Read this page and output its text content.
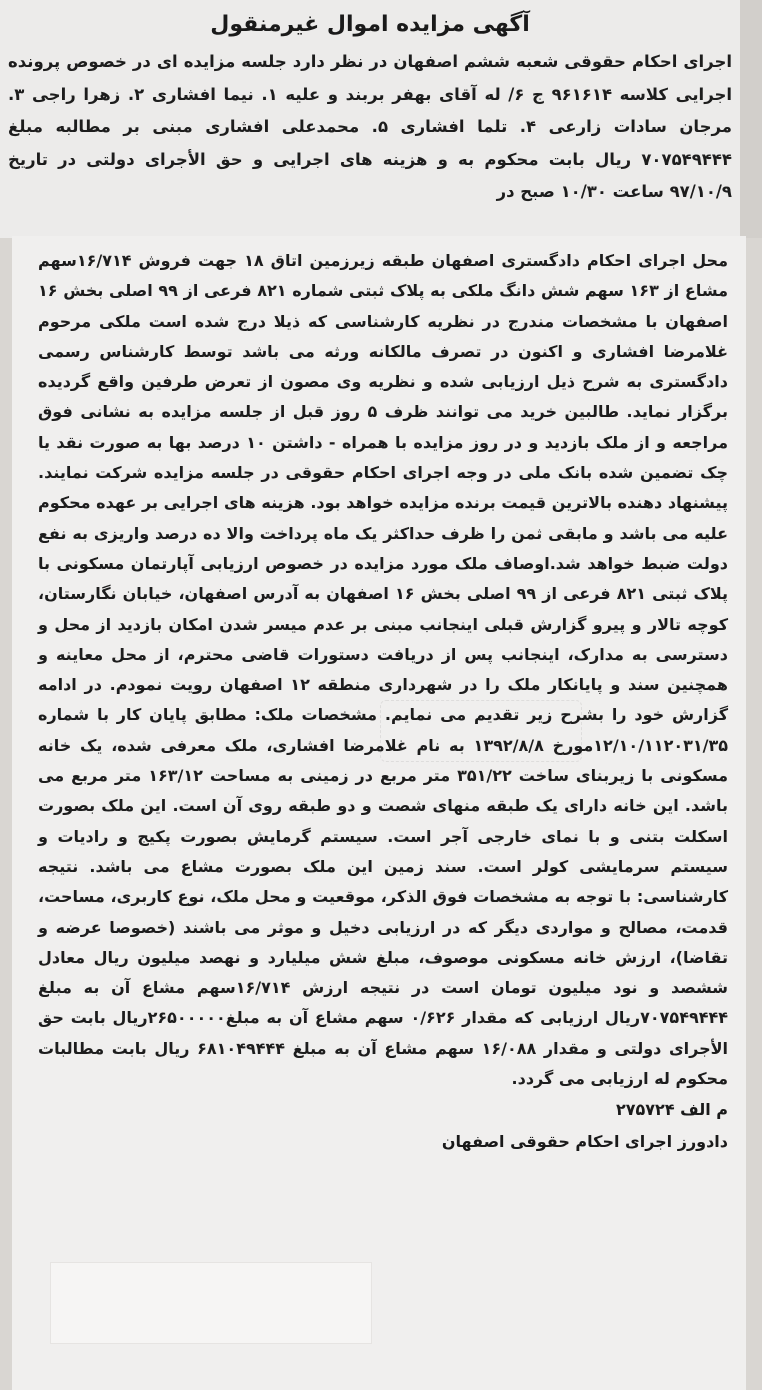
آگهی مزایده اموال غیرمنقول

اجرای احکام حقوقی شعبه ششم اصفهان در نظر دارد جلسه مزایده ای در خصوص پرونده اجرایی کلاسه ۹۶۱۶۱۴ ج ۶/ له آقای بهفر بربند و علیه ۱. نیما افشاری ۲. زهرا راجی ۳. مرجان سادات زارعی ۴. تلما افشاری ۵. محمدعلی افشاری مبنی بر مطالبه مبلغ ۷۰۷۵۴۹۴۴۴ ریال بابت محکوم به و هزینه های اجرایی و حق الأجرای دولتی در تاریخ ۹۷/۱۰/۹ ساعت ۱۰/۳۰ صبح در

محل اجرای احکام دادگستری اصفهان طبقه زیرزمین اتاق ۱۸ جهت فروش ۱۶/۷۱۴سهم مشاع از ۱۶۳ سهم شش دانگ ملکی به پلاک ثبتی شماره ۸۲۱ فرعی از ۹۹ اصلی بخش ۱۶ اصفهان با مشخصات مندرج در نظریه کارشناسی که ذیلا درج شده است ملکی مرحوم غلامرضا افشاری و اکنون در تصرف مالکانه ورثه می باشد توسط کارشناس رسمی دادگستری به شرح ذیل ارزیابی شده و نظریه وی مصون از تعرض طرفین واقع گردیده برگزار نماید. طالبین خرید می توانند ظرف ۵ روز قبل از جلسه مزایده به نشانی فوق مراجعه و از ملک بازدید و در روز مزایده با همراه - داشتن ۱۰ درصد بها به صورت نقد یا چک تضمین شده بانک ملی در وجه اجرای احکام حقوقی در جلسه مزایده شرکت نمایند. پیشنهاد دهنده بالاترین قیمت برنده مزایده خواهد بود. هزینه های اجرایی بر عهده محکوم علیه می باشد و مابقی ثمن را ظرف حداکثر یک ماه پرداخت والا ده درصد واریزی به نفع دولت ضبط خواهد شد.اوصاف ملک مورد مزایده در خصوص ارزیابی آپارتمان مسکونی با پلاک ثبتی ۸۲۱ فرعی از ۹۹ اصلی بخش ۱۶ اصفهان به آدرس اصفهان، خیابان نگارستان، کوچه تالار و پیرو گزارش قبلی اینجانب مبنی بر عدم میسر شدن امکان بازدید از محل و دسترسی به مدارک، اینجانب پس از دریافت دستورات قاضی محترم، از محل معاینه و همچنین سند و پایانکار ملک را در شهرداری منطقه ۱۲ اصفهان رویت نمودم. در ادامه گزارش خود را بشرح زیر تقدیم می نمایم. مشخصات ملک: مطابق پایان کار با شماره ۱۲/۱۰/۱۱۲۰۳۱/۳۵مورخ ۱۳۹۲/۸/۸ به نام غلامرضا افشاری، ملک معرفی شده، یک خانه مسکونی با زیربنای ساخت ۳۵۱/۲۲ متر مربع در زمینی به مساحت ۱۶۳/۱۲ متر مربع می باشد. این خانه دارای یک طبقه منهای شصت و دو طبقه روی آن است. این ملک بصورت اسکلت بتنی و با نمای خارجی آجر است. سیستم گرمایش بصورت پکیج و رادیات و سیستم سرمایشی کولر است. سند زمین این ملک بصورت مشاع می باشد. نتیجه کارشناسی: با توجه به مشخصات فوق الذکر، موقعیت و محل ملک، نوع کاربری، مساحت، قدمت، مصالح و مواردی دیگر که در ارزیابی دخیل و موثر می باشند (خصوصا عرضه و تقاضا)، ارزش خانه مسکونی موصوف، مبلغ شش میلیارد و نهصد میلیون ریال معادل ششصد و نود میلیون تومان است در نتیجه ارزش ۱۶/۷۱۴سهم مشاع آن به مبلغ ۷۰۷۵۴۹۴۴۴ریال ارزیابی که مقدار ۰/۶۲۶ سهم مشاع آن به مبلغ۲۶۵۰۰۰۰۰ریال بابت حق الأجرای دولتی و مقدار ۱۶/۰۸۸ سهم مشاع آن به مبلغ ۶۸۱۰۴۹۴۴۴ ریال بابت مطالبات محکوم له ارزیابی می گردد.

م الف ۲۷۵۷۲۴

دادورز اجرای احکام حقوقی اصفهان
